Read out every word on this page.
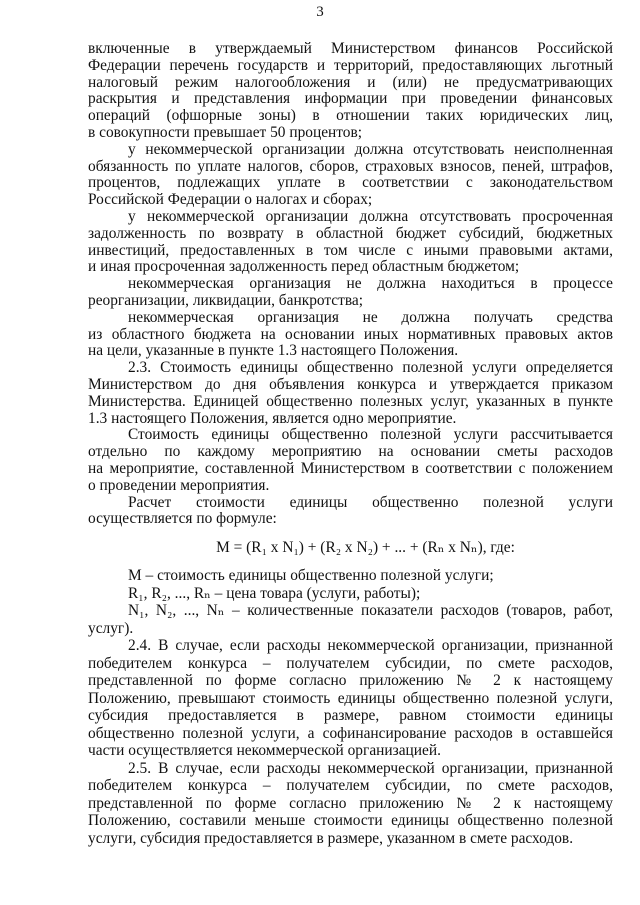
3
включенные в утверждаемый Министерством финансов Российской
Федерации перечень государств и территорий, предоставляющих льготный
налоговый режим налогообложения и (или) не предусматривающих
раскрытия и представления информации при проведении финансовых
операций (офшорные зоны) в отношении таких юридических лиц,
в совокупности превышает 50 процентов;
у некоммерческой организации должна отсутствовать неисполненная
обязанность по уплате налогов, сборов, страховых взносов, пеней, штрафов,
процентов, подлежащих уплате в соответствии с законодательством
Российской Федерации о налогах и сборах;
у некоммерческой организации должна отсутствовать просроченная
задолженность по возврату в областной бюджет субсидий, бюджетных
инвестиций, предоставленных в том числе с иными правовыми актами,
и иная просроченная задолженность перед областным бюджетом;
некоммерческая организация не должна находиться в процессе
реорганизации, ликвидации, банкротства;
некоммерческая организация не должна получать средства
из областного бюджета на основании иных нормативных правовых актов
на цели, указанные в пункте 1.3 настоящего Положения.
2.3. Стоимость единицы общественно полезной услуги определяется
Министерством до дня объявления конкурса и утверждается приказом
Министерства. Единицей общественно полезных услуг, указанных в пункте
1.3 настоящего Положения, является одно мероприятие.
Стоимость единицы общественно полезной услуги рассчитывается
отдельно по каждому мероприятию на основании сметы расходов
на мероприятие, составленной Министерством в соответствии с положением
о проведении мероприятия.
Расчет стоимости единицы общественно полезной услуги
осуществляется по формуле:
M = (R₁ x N₁) + (R₂ x N₂) + ... + (Rₙ x Nₙ), где:
М – стоимость единицы общественно полезной услуги;
R₁, R₂, ..., Rₙ – цена товара (услуги, работы);
N₁, N₂, ..., Nₙ – количественные показатели расходов (товаров, работ,
услуг).
2.4. В случае, если расходы некоммерческой организации, признанной
победителем конкурса – получателем субсидии, по смете расходов,
представленной по форме согласно приложению № 2 к настоящему
Положению, превышают стоимость единицы общественно полезной услуги,
субсидия предоставляется в размере, равном стоимости единицы
общественно полезной услуги, а софинансирование расходов в оставшейся
части осуществляется некоммерческой организацией.
2.5. В случае, если расходы некоммерческой организации, признанной
победителем конкурса – получателем субсидии, по смете расходов,
представленной по форме согласно приложению № 2 к настоящему
Положению, составили меньше стоимости единицы общественно полезной
услуги, субсидия предоставляется в размере, указанном в смете расходов.
